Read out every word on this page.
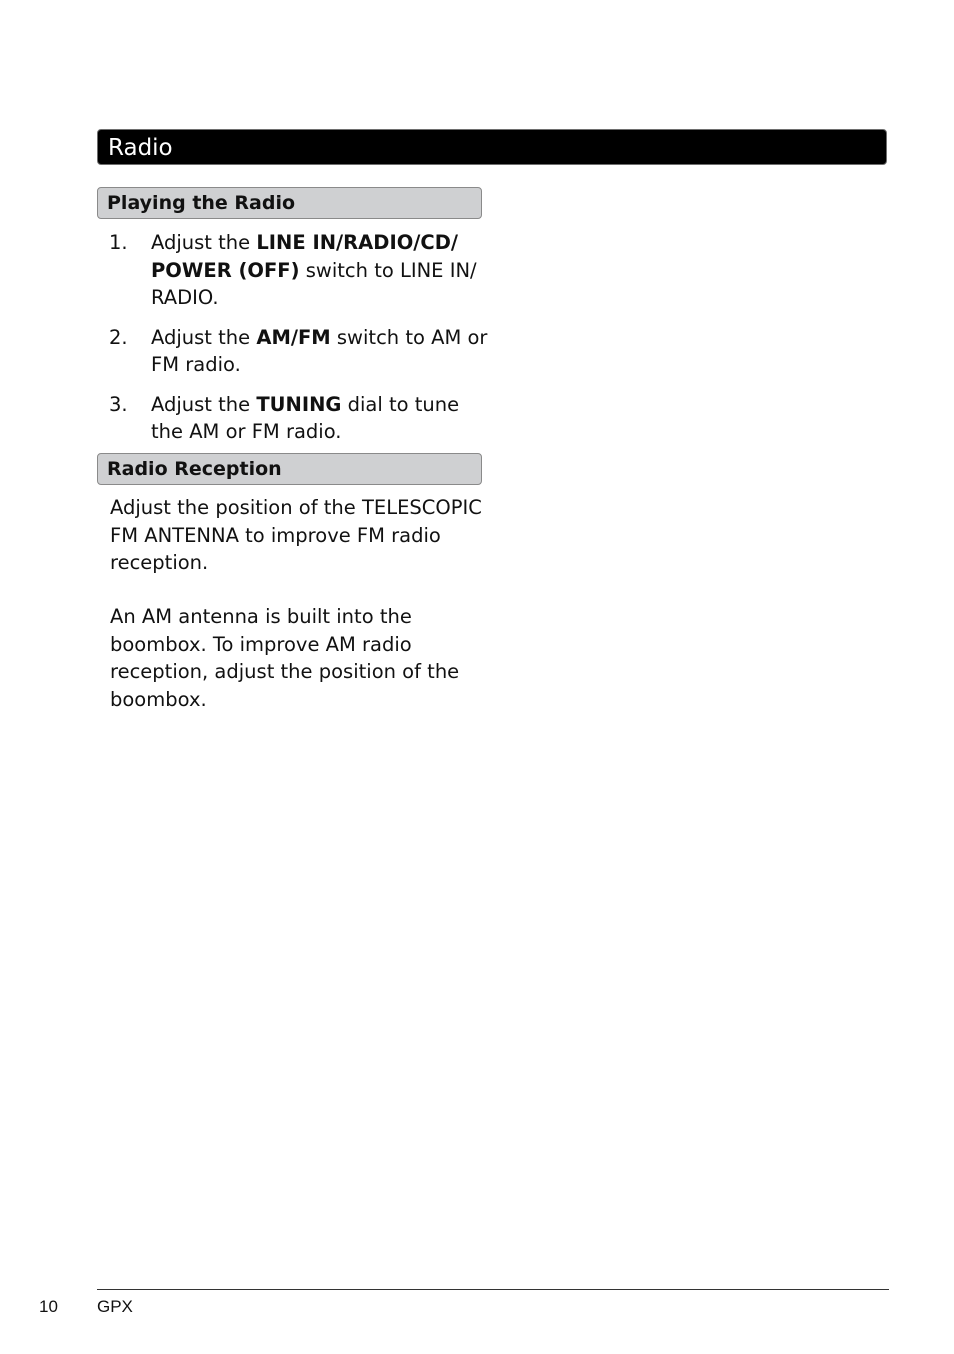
Radio
Playing the Radio
1. Adjust the LINE IN/RADIO/CD/ POWER (OFF) switch to LINE IN/ RADIO.
2. Adjust the AM/FM switch to AM or FM radio.
3. Adjust the TUNING dial to tune the AM or FM radio.
Radio Reception

Adjust the position of the TELESCOPIC FM ANTENNA to improve FM radio reception.

An AM antenna is built into the boombox. To improve AM radio reception, adjust the position of the boombox.

10 GPX
